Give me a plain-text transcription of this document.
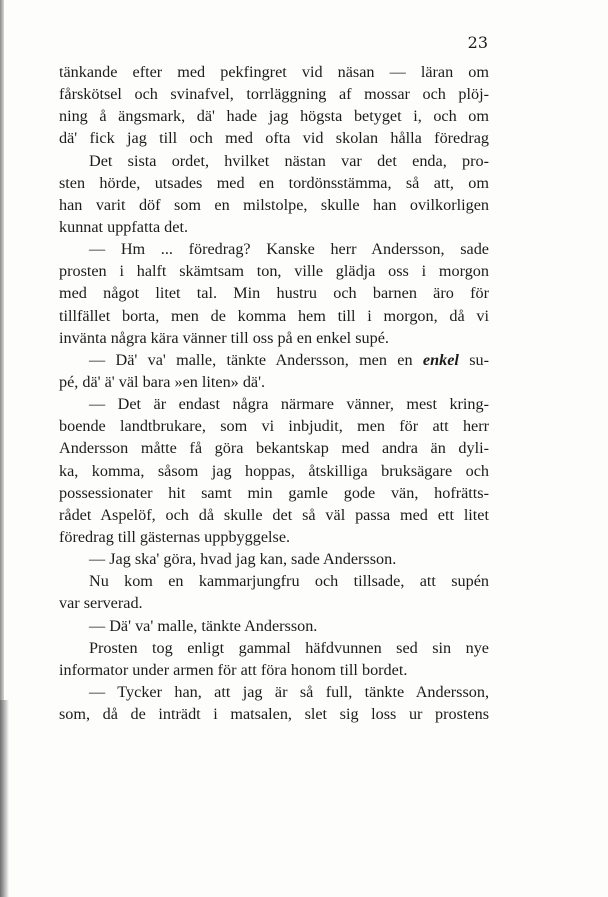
23
tänkande efter med pekfingret vid näsan — läran om
fårskötsel och svinafvel, torrläggning af mossar och plöj-
ning å ängsmark, dä' hade jag högsta betyget i, och om
dä' fick jag till och med ofta vid skolan hålla föredrag
Det sista ordet, hvilket nästan var det enda, pro-
sten hörde, utsades med en tordönsstämma, så att, om
han varit döf som en milstolpe, skulle han ovilkorligen
kunnat uppfatta det.
— Hm ... föredrag? Kanske herr Andersson, sade
prosten i halft skämtsam ton, ville glädja oss i morgon
med något litet tal. Min hustru och barnen äro för
tillfället borta, men de komma hem till i morgon, då vi
invänta några kära vänner till oss på en enkel supé.
— Dä' va' malle, tänkte Andersson, men en enkel su-
pé, dä' ä' väl bara »en liten» dä'.
— Det är endast några närmare vänner, mest kring-
boende landtbrukare, som vi inbjudit, men för att herr
Andersson måtte få göra bekantskap med andra än dyli-
ka, komma, såsom jag hoppas, åtskilliga bruksägare och
possessionater hit samt min gamle gode vän, hofrätts-
rådet Aspelöf, och då skulle det så väl passa med ett litet
föredrag till gästernas uppbyggelse.
— Jag ska' göra, hvad jag kan, sade Andersson.
Nu kom en kammarjungfru och tillsade, att supén
var serverad.
— Dä' va' malle, tänkte Andersson.
Prosten tog enligt gammal häfdvunnen sed sin nye
informator under armen för att föra honom till bordet.
— Tycker han, att jag är så full, tänkte Andersson,
som, då de inträdt i matsalen, slet sig loss ur prostens
